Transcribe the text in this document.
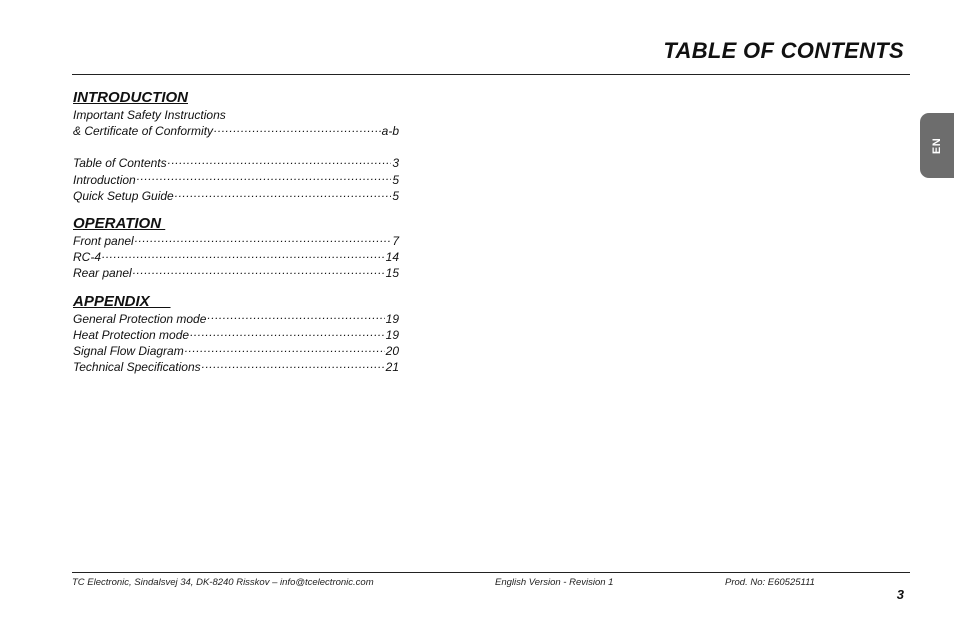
TABLE OF CONTENTS
INTRODUCTION
Important Safety Instructions
& Certificate of Conformity .....	a-b
Table of Contents .....	3
Introduction .....	5
Quick Setup Guide .....	5
OPERATION
Front panel .....	7
RC-4 .....	14
Rear panel .....	15
APPENDIX
General Protection mode .....	19
Heat Protection mode .....	19
Signal Flow Diagram .....	20
Technical Specifications .....	21
EN
TC Electronic, Sindalsvej 34, DK-8240 Risskov – info@tcelectronic.com	English Version - Revision 1	Prod. No: E60525111
3
